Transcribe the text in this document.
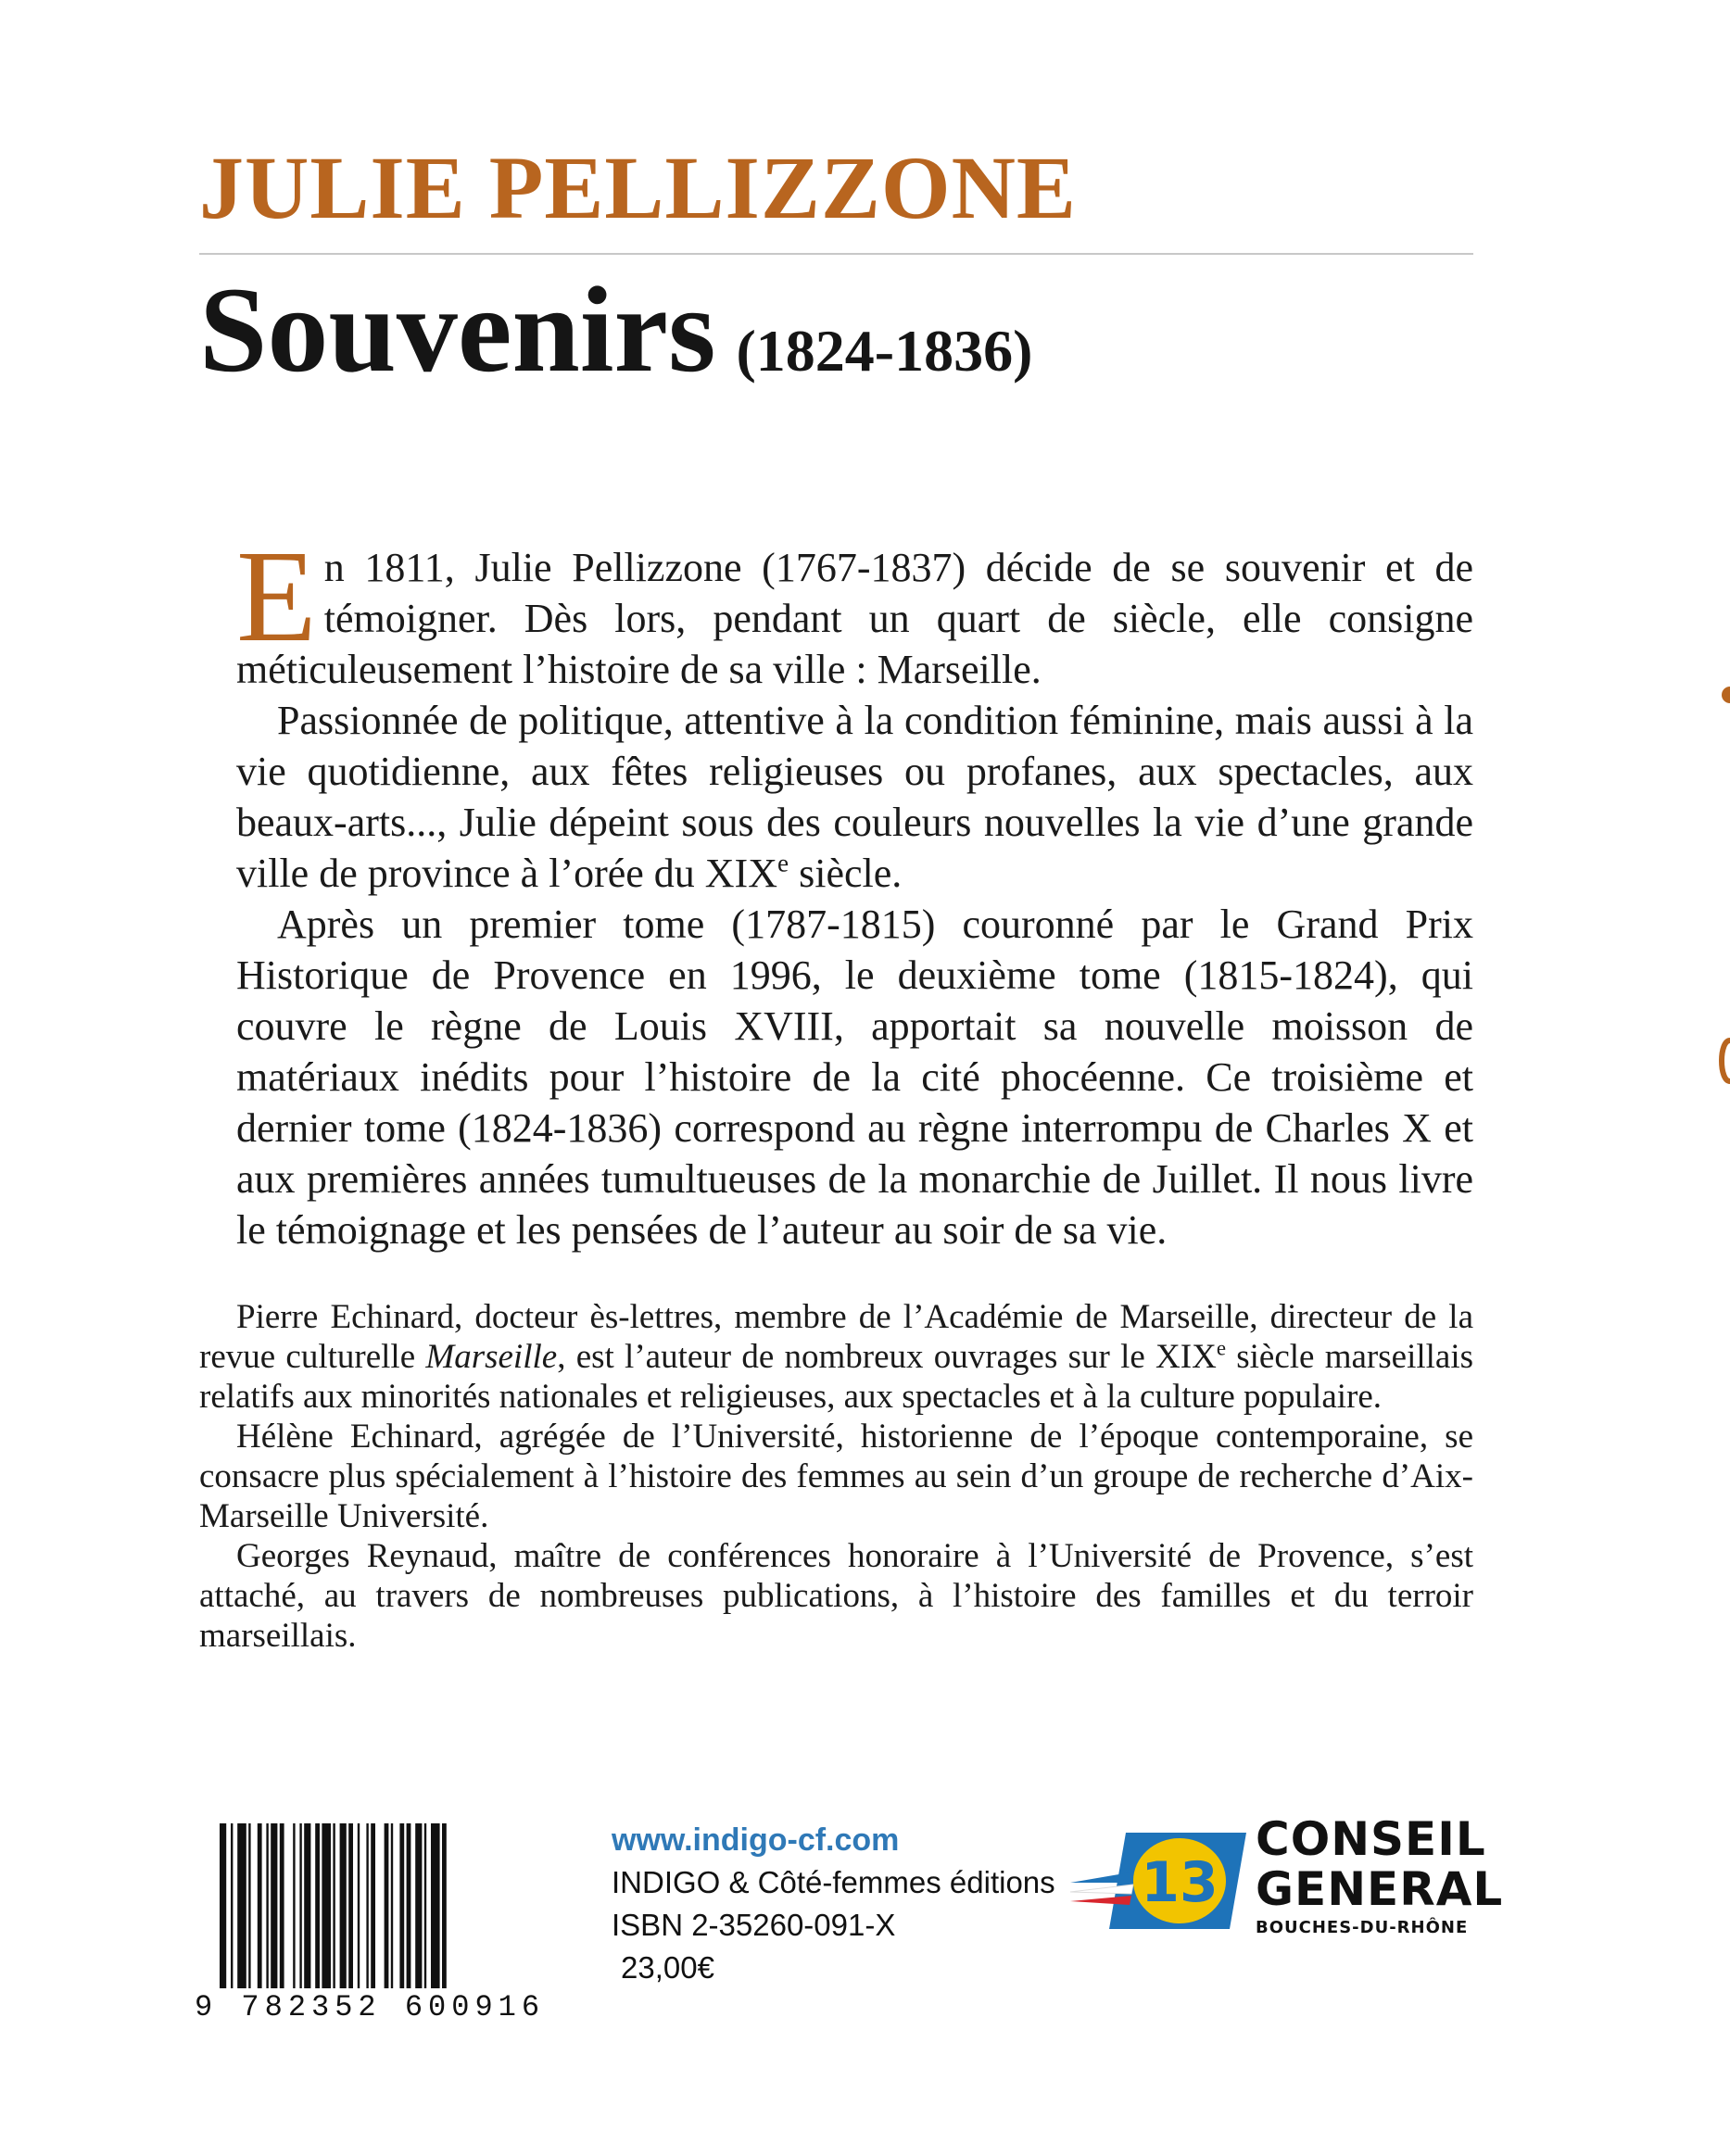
JULIE PELLIZZONE
Souvenirs (1824-1836)

En 1811, Julie Pellizzone (1767-1837) décide de se souvenir et de témoigner. Dès lors, pendant un quart de siècle, elle consigne méticuleusement l’histoire de sa ville : Marseille.

 Passionnée de politique, attentive à la condition féminine, mais aussi à la vie quotidienne, aux fêtes religieuses ou profanes, aux spectacles, aux beaux-arts..., Julie dépeint sous des couleurs nouvelles la vie d’une grande ville de province à l’orée du XIXe siècle.

 Après un premier tome (1787-1815) couronné par le Grand Prix Historique de Provence en 1996, le deuxième tome (1815-1824), qui couvre le règne de Louis XVIII, apportait sa nouvelle moisson de matériaux inédits pour l’histoire de la cité phocéenne. Ce troisième et dernier tome (1824-1836) correspond au règne interrompu de Charles X et aux premières années tumultueuses de la monarchie de Juillet. Il nous livre le témoignage et les pensées de l’auteur au soir de sa vie.

Pierre Echinard, docteur ès-lettres, membre de l’Académie de Marseille, directeur de la revue culturelle Marseille, est l’auteur de nombreux ouvrages sur le XIXe siècle marseillais relatifs aux minorités nationales et religieuses, aux spectacles et à la culture populaire.

Hélène Echinard, agrégée de l’Université, historienne de l’époque contemporaine, se consacre plus spécialement à l’histoire des femmes au sein d’un groupe de recherche d’Aix-Marseille Université.

Georges Reynaud, maître de conférences honoraire à l’Université de Provence, s’est attaché, au travers de nombreuses publications, à l’histoire des familles et du terroir marseillais.

9 782352 600916
www.indigo-cf.com
INDIGO & Côté-femmes éditions
ISBN 2-35260-091-X
23,00€
13
CONSEIL
GENERAL
BOUCHES-DU-RHÔNE
